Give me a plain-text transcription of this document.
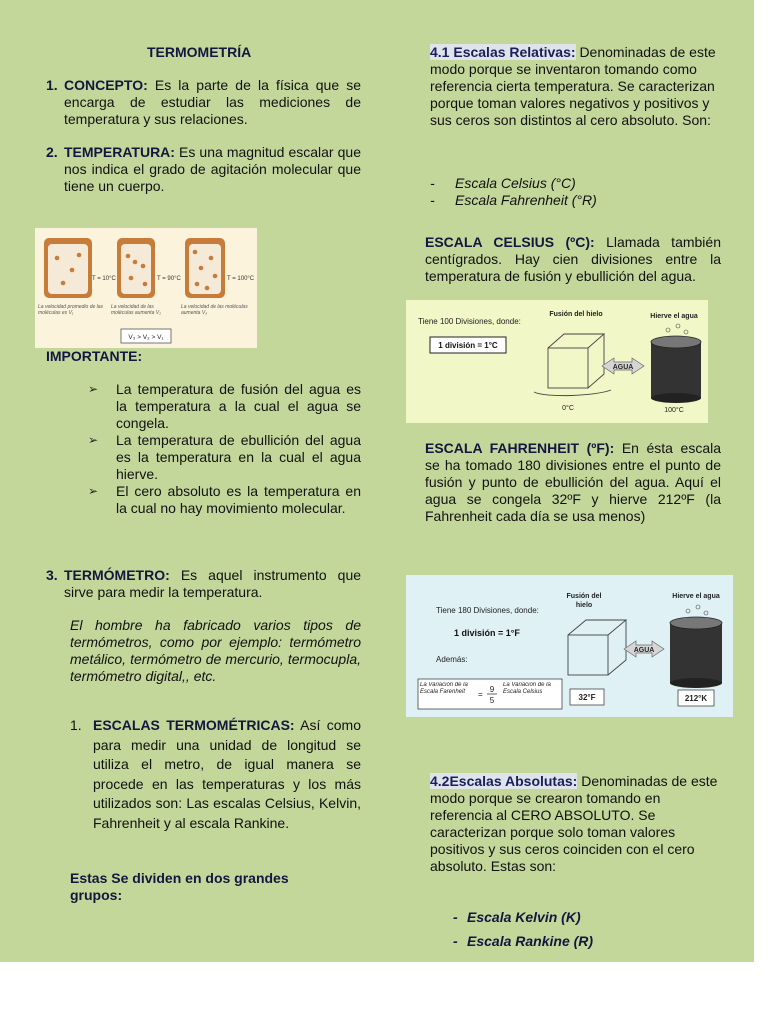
TERMOMETRÍA
1. CONCEPTO: Es la parte de la física que se encarga de estudiar las mediciones de temperatura y sus relaciones.
2. TEMPERATURA: Es una magnitud escalar que nos indica el grado de agitación molecular que tiene un cuerpo.
T = 10°C	T = 90°C	T = 100°C
La velocidad promedio de las moléculas es V₁
La velocidad de las moléculas aumenta V₂
La velocidad de las moléculas aumenta V₃
V₃ > V₂ > V₁
IMPORTANTE:
➢ La temperatura de fusión del agua es la temperatura a la cual el agua se congela.
➢ La temperatura de ebullición del agua es la temperatura en la cual el agua hierve.
➢ El cero absoluto es la temperatura en la cual no hay movimiento molecular.
3. TERMÓMETRO: Es aquel instrumento que sirve para medir la temperatura.
El hombre ha fabricado varios tipos de termómetros, como por ejemplo: termómetro metálico, termómetro de mercurio, termocupla, termómetro digital,, etc.
1. ESCALAS TERMOMÉTRICAS: Así como para medir una unidad de longitud se utiliza el metro, de igual manera se procede en las temperaturas y los más utilizados son: Las escalas Celsius, Kelvin, Fahrenheit y al escala Rankine.
Estas Se dividen en dos grandes grupos:
4.1 Escalas Relativas: Denominadas de este modo porque se inventaron tomando como referencia cierta temperatura. Se caracterizan porque toman valores negativos y positivos y sus ceros son distintos al cero absoluto. Son:
- Escala Celsius (°C)
- Escala Fahrenheit (°R)
ESCALA CELSIUS (ºC): Llamada también centígrados. Hay cien divisiones entre la temperatura de fusión y ebullición del agua.
Tiene 100 Divisiones, donde:
1 división = 1°C
Fusión del hielo
AGUA
Hierve el agua
0°C	100°C
ESCALA FAHRENHEIT (ºF): En ésta escala se ha tomado 180 divisiones entre el punto de fusión y punto de ebullición del agua. Aquí el agua se congela 32ºF y hierve 212ºF (la Fahrenheit cada día se usa menos)
Tiene 180 Divisiones, donde:
1 división = 1°F
Además:
Fusión del
hielo
AGUA
Hierve el agua
La Variación de la Escala Farenheit	=
9
5
La Variación de la Escala Celsius
32°F	212°K
4.2Escalas Absolutas: Denominadas de este modo porque se crearon tomando en referencia al CERO ABSOLUTO. Se caracterizan porque solo toman valores positivos y sus ceros coinciden con el cero absoluto. Estas son:
- Escala Kelvin (K)
- Escala Rankine (R)
